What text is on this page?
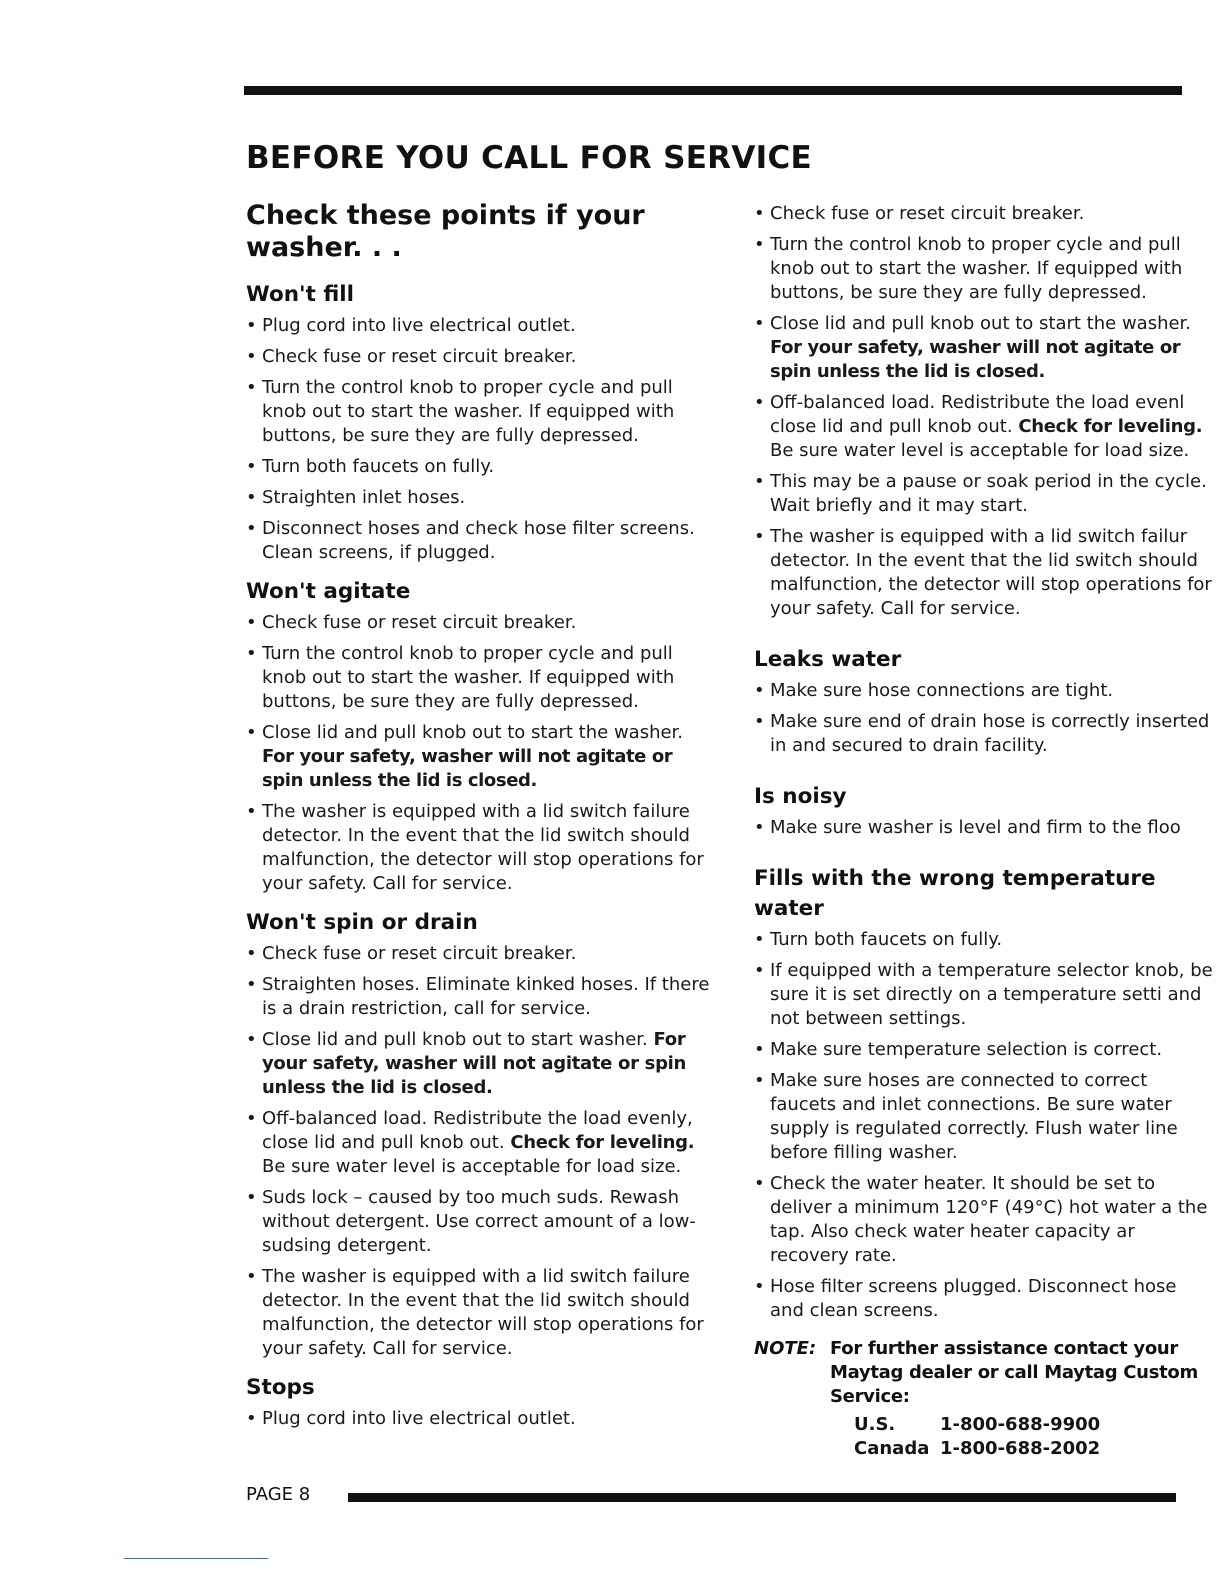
BEFORE YOU CALL FOR SERVICE
Check these points if your washer. . .
Won't fill
• Plug cord into live electrical outlet.
• Check fuse or reset circuit breaker.
• Turn the control knob to proper cycle and pull knob out to start the washer. If equipped with buttons, be sure they are fully depressed.
• Turn both faucets on fully.
• Straighten inlet hoses.
• Disconnect hoses and check hose filter screens. Clean screens, if plugged.
Won't agitate
• Check fuse or reset circuit breaker.
• Turn the control knob to proper cycle and pull knob out to start the washer. If equipped with buttons, be sure they are fully depressed.
• Close lid and pull knob out to start the washer.
For your safety, washer will not agitate or spin unless the lid is closed.
• The washer is equipped with a lid switch failure detector. In the event that the lid switch should malfunction, the detector will stop operations for your safety. Call for service.
Won't spin or drain
• Check fuse or reset circuit breaker.
• Straighten hoses. Eliminate kinked hoses. If there is a drain restriction, call for service.
• Close lid and pull knob out to start washer. For your safety, washer will not agitate or spin unless the lid is closed.
• Off-balanced load. Redistribute the load evenly, close lid and pull knob out. Check for leveling. Be sure water level is acceptable for load size.
• Suds lock – caused by too much suds. Rewash without detergent. Use correct amount of a low-sudsing detergent.
• The washer is equipped with a lid switch failure detector. In the event that the lid switch should malfunction, the detector will stop operations for your safety. Call for service.
Stops
• Plug cord into live electrical outlet.
• Check fuse or reset circuit breaker.
• Turn the control knob to proper cycle and pull knob out to start the washer. If equipped with buttons, be sure they are fully depressed.
• Close lid and pull knob out to start the washer.
For your safety, washer will not agitate or spin unless the lid is closed.
• Off-balanced load. Redistribute the load evenl close lid and pull knob out. Check for leveling. Be sure water level is acceptable for load size.
• This may be a pause or soak period in the cycle. Wait briefly and it may start.
• The washer is equipped with a lid switch failur detector. In the event that the lid switch should malfunction, the detector will stop operations for your safety. Call for service.
Leaks water
• Make sure hose connections are tight.
• Make sure end of drain hose is correctly inserted in and secured to drain facility.
Is noisy
• Make sure washer is level and firm to the floo
Fills with the wrong temperature water
• Turn both faucets on fully.
• If equipped with a temperature selector knob, be sure it is set directly on a temperature setti and not between settings.
• Make sure temperature selection is correct.
• Make sure hoses are connected to correct faucets and inlet connections. Be sure water supply is regulated correctly. Flush water line before filling washer.
• Check the water heater. It should be set to deliver a minimum 120°F (49°C) hot water a the tap. Also check water heater capacity ar recovery rate.
• Hose filter screens plugged. Disconnect hose and clean screens.
NOTE: For further assistance contact your Maytag dealer or call Maytag Custom Service:
U.S.	1-800-688-9900
Canada 1-800-688-2002
PAGE 8
